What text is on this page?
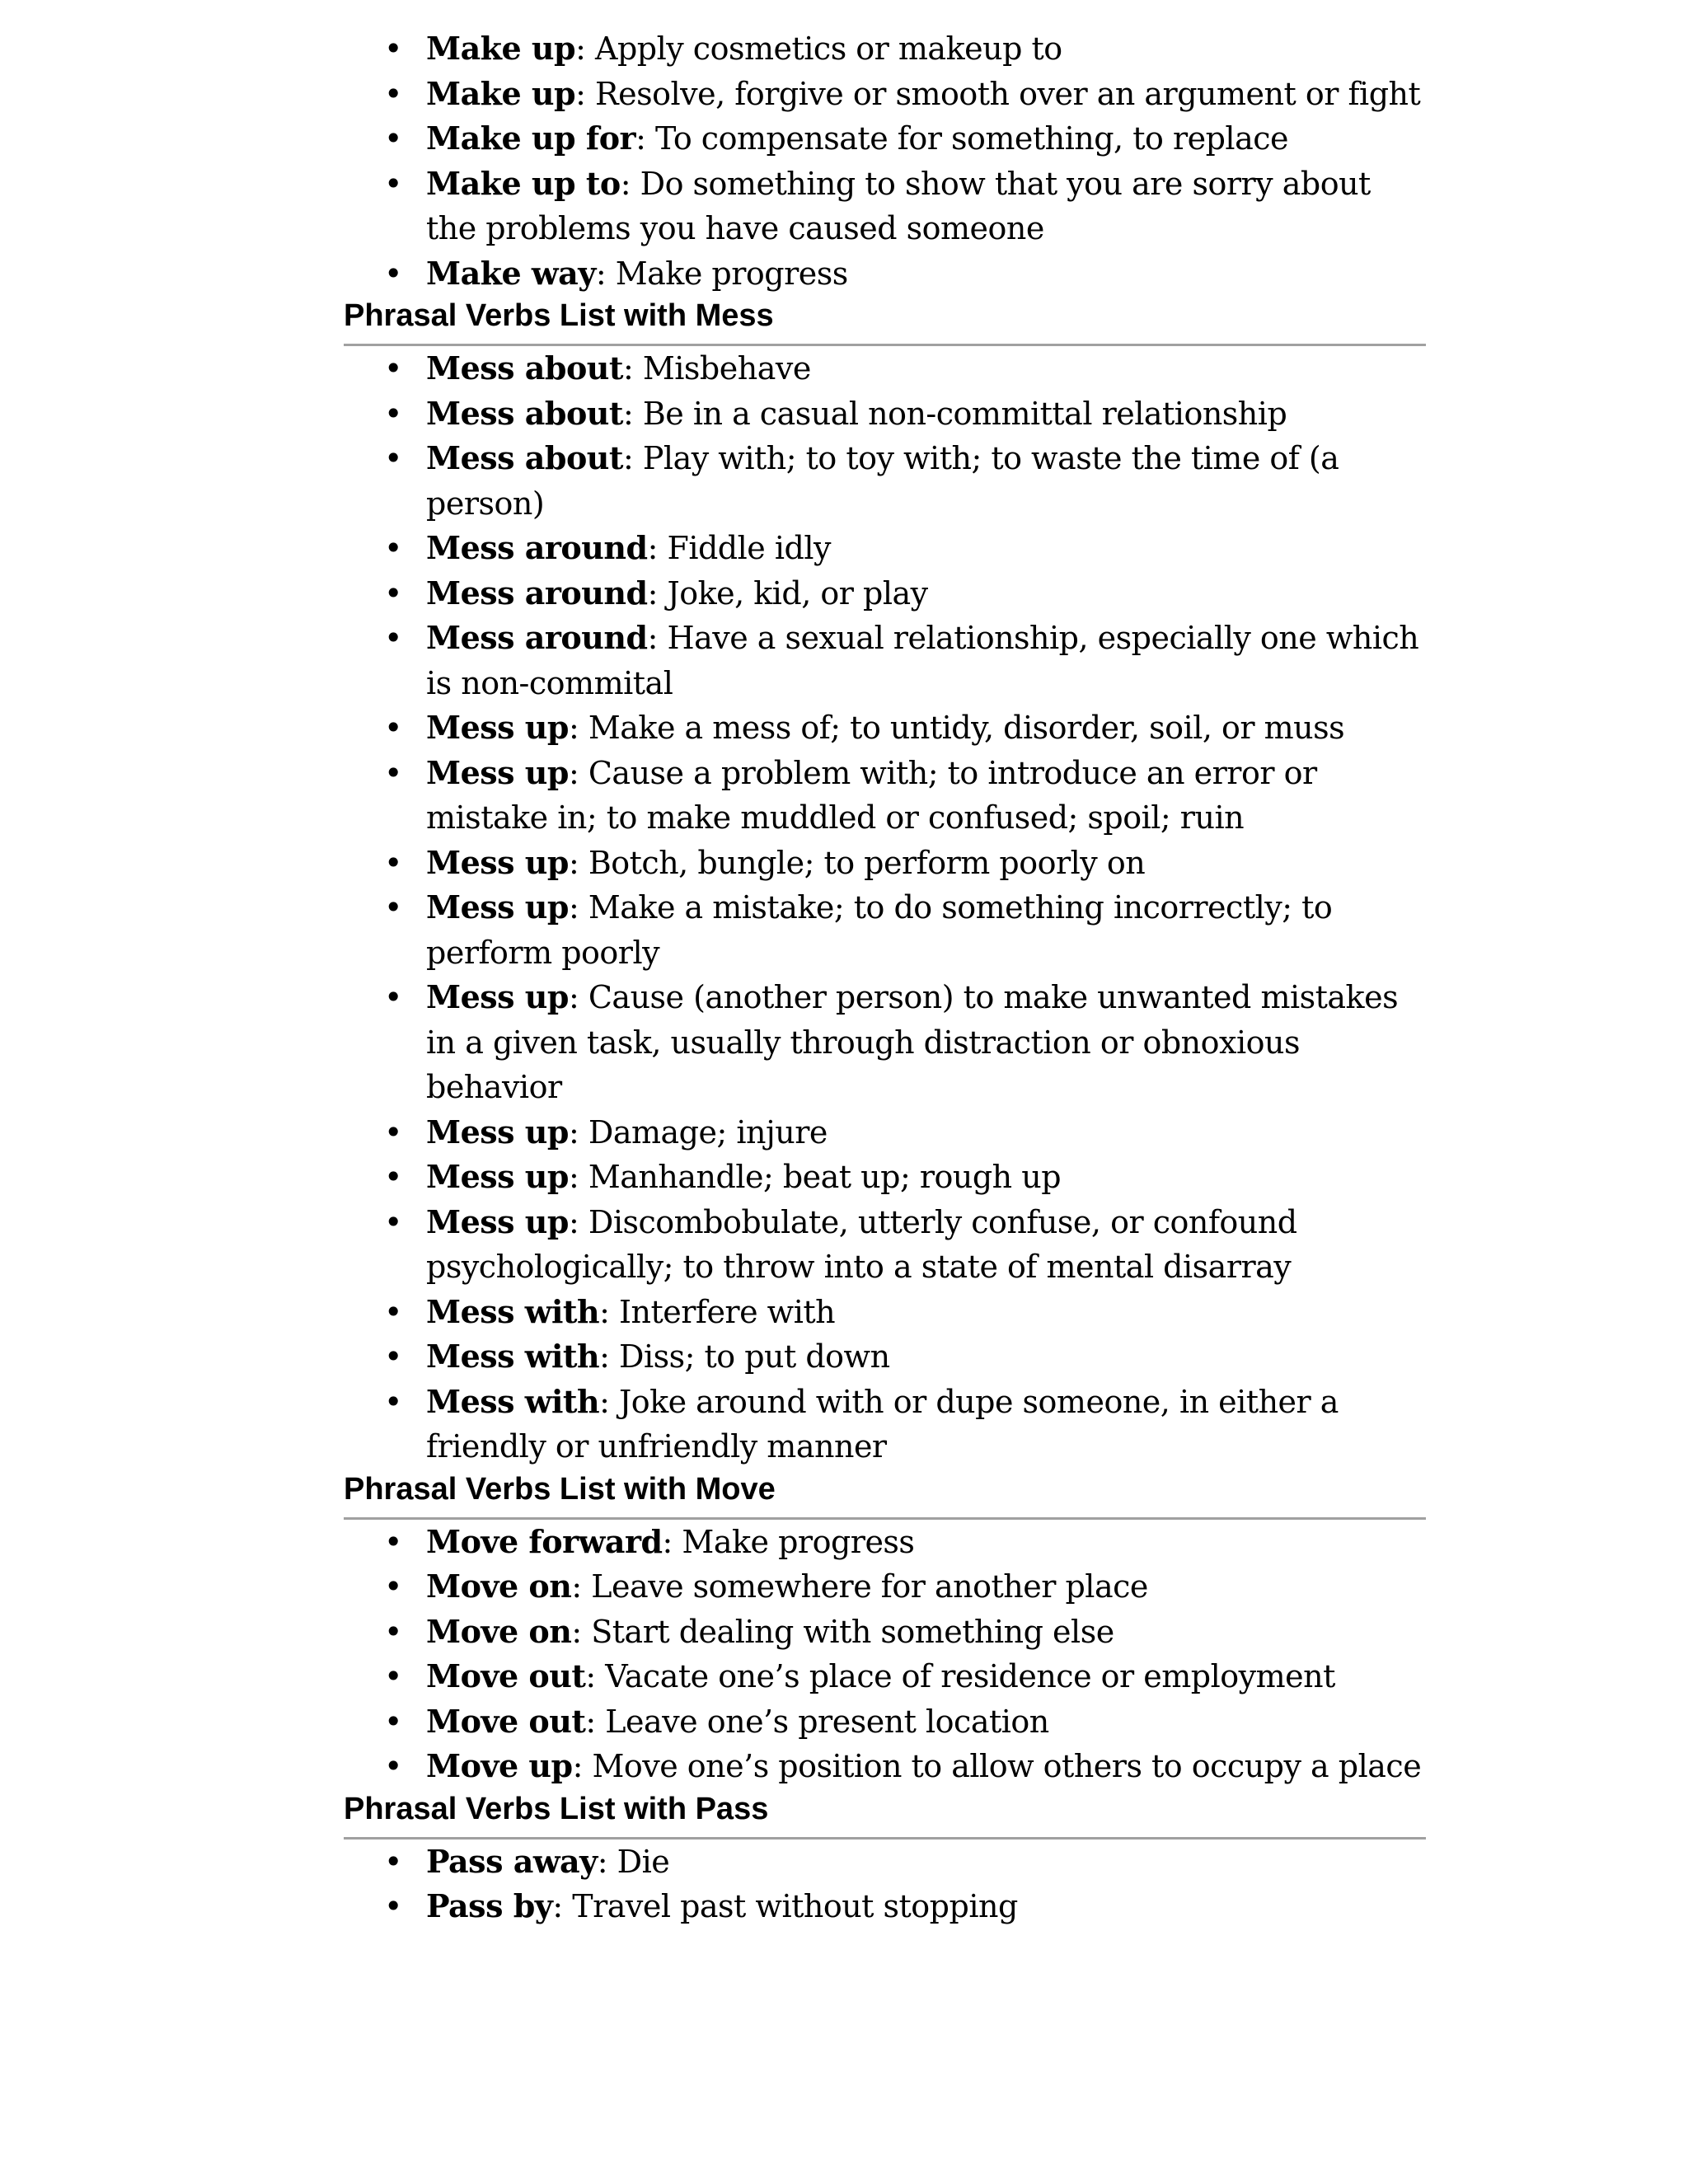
• Make up: Apply cosmetics or makeup to
• Make up: Resolve, forgive or smooth over an argument or fight
• Make up for: To compensate for something, to replace
• Make up to: Do something to show that you are sorry about the problems you have caused someone
• Make way: Make progress
Phrasal Verbs List with Mess
• Mess about: Misbehave
• Mess about: Be in a casual non-committal relationship
• Mess about: Play with; to toy with; to waste the time of (a person)
• Mess around: Fiddle idly
• Mess around: Joke, kid, or play
• Mess around: Have a sexual relationship, especially one which is non-commital
• Mess up: Make a mess of; to untidy, disorder, soil, or muss
• Mess up: Cause a problem with; to introduce an error or mistake in; to make muddled or confused; spoil; ruin
• Mess up: Botch, bungle; to perform poorly on
• Mess up: Make a mistake; to do something incorrectly; to perform poorly
• Mess up: Cause (another person) to make unwanted mistakes in a given task, usually through distraction or obnoxious behavior
• Mess up: Damage; injure
• Mess up: Manhandle; beat up; rough up
• Mess up: Discombobulate, utterly confuse, or confound psychologically; to throw into a state of mental disarray
• Mess with: Interfere with
• Mess with: Diss; to put down
• Mess with: Joke around with or dupe someone, in either a friendly or unfriendly manner
Phrasal Verbs List with Move
• Move forward: Make progress
• Move on: Leave somewhere for another place
• Move on: Start dealing with something else
• Move out: Vacate one’s place of residence or employment
• Move out: Leave one’s present location
• Move up: Move one’s position to allow others to occupy a place
Phrasal Verbs List with Pass
• Pass away: Die
• Pass by: Travel past without stopping
